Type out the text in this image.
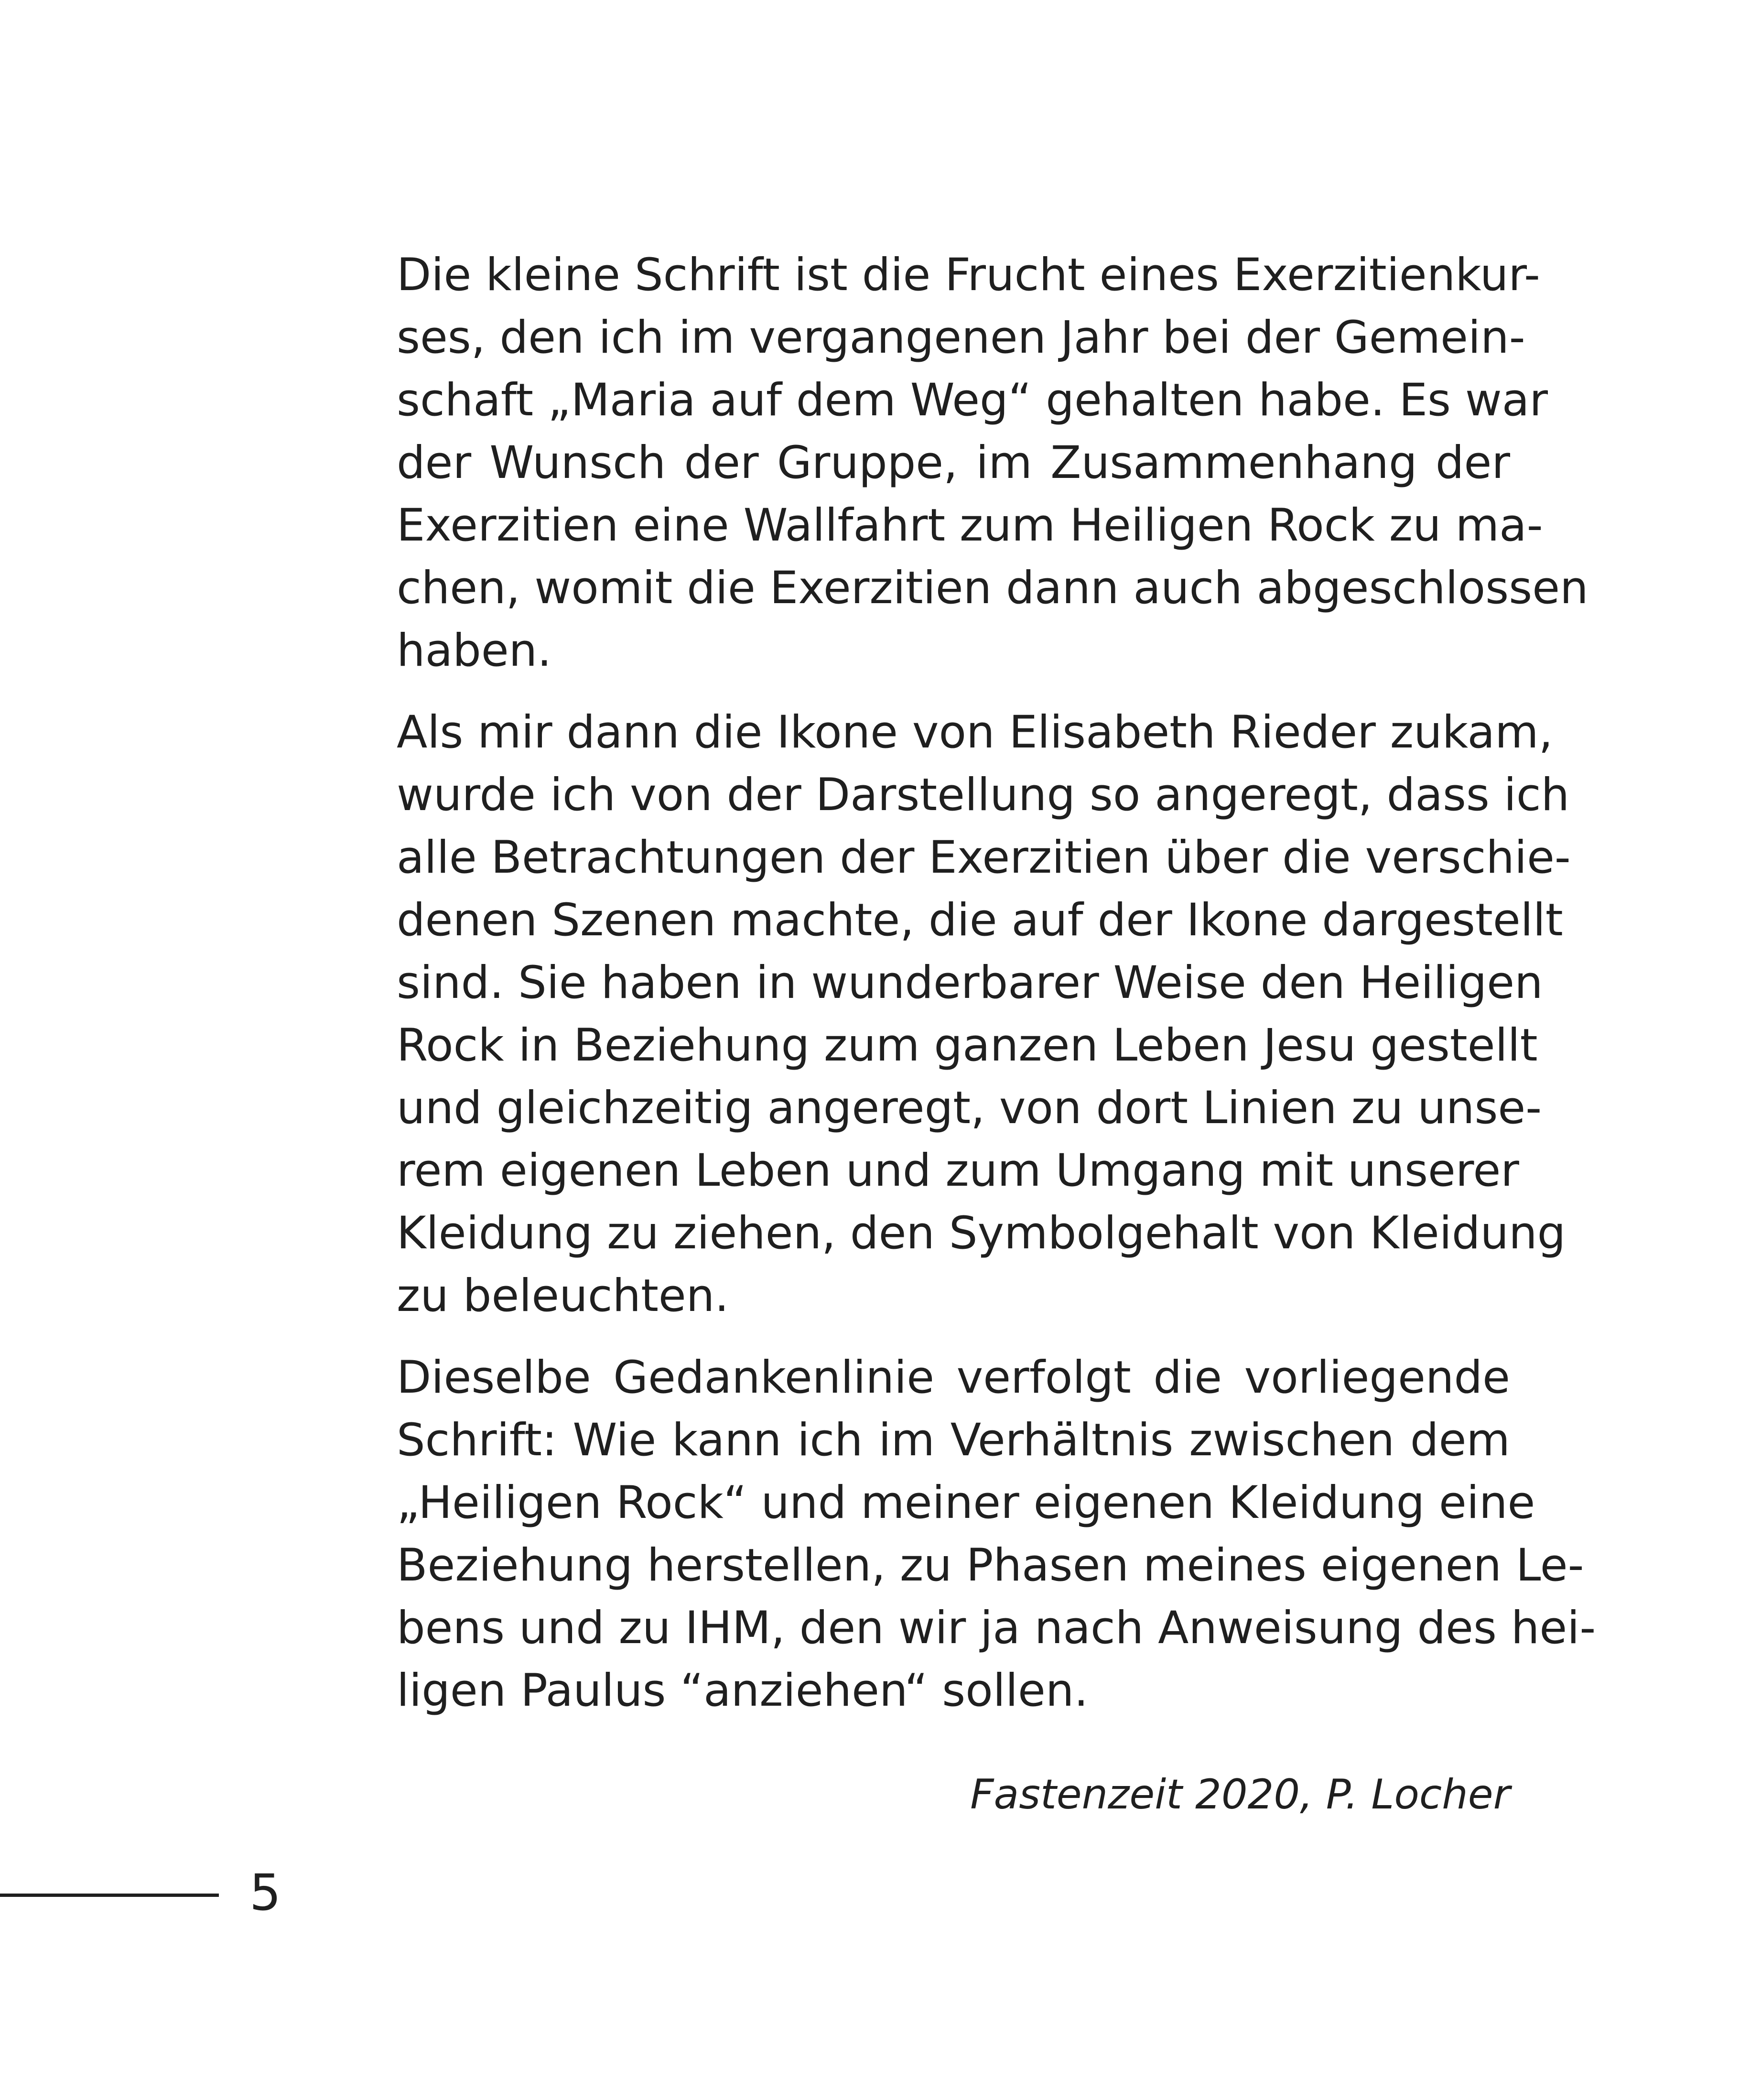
Die kleine Schrift ist die Frucht eines Exerzitienkur-
ses, den ich im vergangenen Jahr bei der Gemein-
schaft „Maria auf dem Weg“ gehalten habe. Es war
der Wunsch der Gruppe, im Zusammenhang der
Exerzitien eine Wallfahrt zum Heiligen Rock zu ma-
chen, womit die Exerzitien dann auch abgeschlossen
haben.
Als mir dann die Ikone von Elisabeth Rieder zukam,
wurde ich von der Darstellung so angeregt, dass ich
alle Betrachtungen der Exerzitien über die verschie-
denen Szenen machte, die auf der Ikone dargestellt
sind. Sie haben in wunderbarer Weise den Heiligen
Rock in Beziehung zum ganzen Leben Jesu gestellt
und gleichzeitig angeregt, von dort Linien zu unse-
rem eigenen Leben und zum Umgang mit unserer
Kleidung zu ziehen, den Symbolgehalt von Kleidung
zu beleuchten.
Dieselbe Gedankenlinie verfolgt die vorliegende
Schrift: Wie kann ich im Verhältnis zwischen dem
„Heiligen Rock“ und meiner eigenen Kleidung eine
Beziehung herstellen, zu Phasen meines eigenen Le-
bens und zu IHM, den wir ja nach Anweisung des hei-
ligen Paulus “anziehen“ sollen.
Fastenzeit 2020, P. Locher
5
